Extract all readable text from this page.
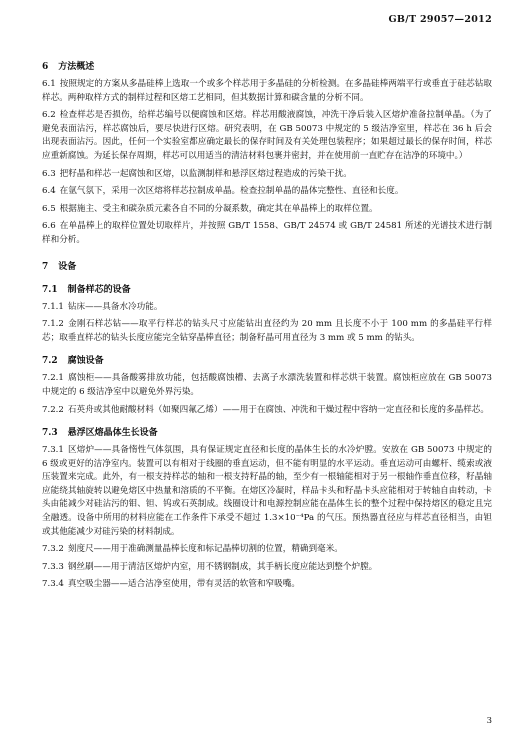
GB/T 29057—2012

6 方法概述

6.1 按照规定的方案从多晶硅棒上选取一个或多个样芯用于多晶硅的分析检测。在多晶硅棒两端平行或垂直于硅芯钻取样芯。两种取样方式的制样过程和区熔工艺相同，但其数据计算和碳含量的分析不同。

6.2 检查样芯是否损伤，给样芯编号以便腐蚀和区熔。样芯用酸液腐蚀，冲洗干净后装入区熔炉准备拉制单晶。（为了避免表面沾污，样芯腐蚀后，要尽快进行区熔。研究表明，在 GB 50073 中规定的 5 级洁净室里，样芯在 36 h 后会出现表面沾污。因此，任何一个实验室都应确定最长的保存时间及有关处理包装程序；如果超过最长的保存时间，样芯应重新腐蚀。为延长保存周期，样芯可以用适当的清洁材料包裹并密封，并在使用前一直贮存在洁净的环境中。）

6.3 把籽晶和样芯一起腐蚀和区熔，以监测制样和悬浮区熔过程造成的污染干扰。

6.4 在氩气氛下，采用一次区熔将样芯拉制成单晶。检查拉制单晶的晶体完整性、直径和长度。

6.5 根据施主、受主和碳杂质元素各自不同的分凝系数，确定其在单晶棒上的取样位置。

6.6 在单晶棒上的取样位置处切取样片，并按照 GB/T 1558、GB/T 24574 或 GB/T 24581 所述的光谱技术进行制样和分析。

7 设备

7.1 制备样芯的设备

7.1.1 钻床——具备水冷功能。

7.1.2 金刚石样芯钻——取平行样芯的钻头尺寸应能钻出直径约为 20 mm 且长度不小于 100 mm 的多晶硅平行样芯；取垂直样芯的钻头长度应能完全钻穿晶棒直径；制备籽晶可用直径为 3 mm 或 5 mm 的钻头。

7.2 腐蚀设备

7.2.1 腐蚀柜——具备酸雾排放功能，包括酸腐蚀槽、去离子水漂洗装置和样芯烘干装置。腐蚀柜应放在 GB 50073 中规定的 6 级洁净室中以避免外界污染。

7.2.2 石英舟或其他耐酸材料（如聚四氟乙烯）——用于在腐蚀、冲洗和干燥过程中容纳一定直径和长度的多晶样芯。

7.3 悬浮区熔晶体生长设备

7.3.1 区熔炉——具备惰性气体氛围，具有保证规定直径和长度的晶体生长的水冷炉膛。安放在 GB 50073 中规定的 6 级或更好的洁净室内。装置可以有相对于线圈的垂直运动，但不能有明显的水平运动。垂直运动可由螺杆、缆索或液压装置来完成。此外，有一根支持样芯的轴和一根支持籽晶的轴，至少有一根轴能相对于另一根轴作垂直位移，籽晶轴应能绕其轴旋转以避免熔区中热量和溶质的不平衡。在熔区冷凝时，样品卡头和籽晶卡头应能相对于转轴自由转动，卡头由能减少对硅沾污的钼、钽、钨或石英制成。线圈设计和电源控制应能在晶体生长的整个过程中保持熔区的稳定且完全融透。设备中所用的材料应能在工作条件下承受不超过 1.3×10⁻⁴Pa 的气压。预热器直径应与样芯直径相当，由钽或其他能减少对硅污染的材料制成。

7.3.2 刻度尺——用于准确测量晶棒长度和标记晶棒切割的位置，精确到毫米。

7.3.3 钢丝刷——用于清洁区熔炉内室，用不锈钢制成，其手柄长度应能达到整个炉膛。

7.3.4 真空吸尘器——适合洁净室使用，带有灵活的软管和窄吸嘴。

3
